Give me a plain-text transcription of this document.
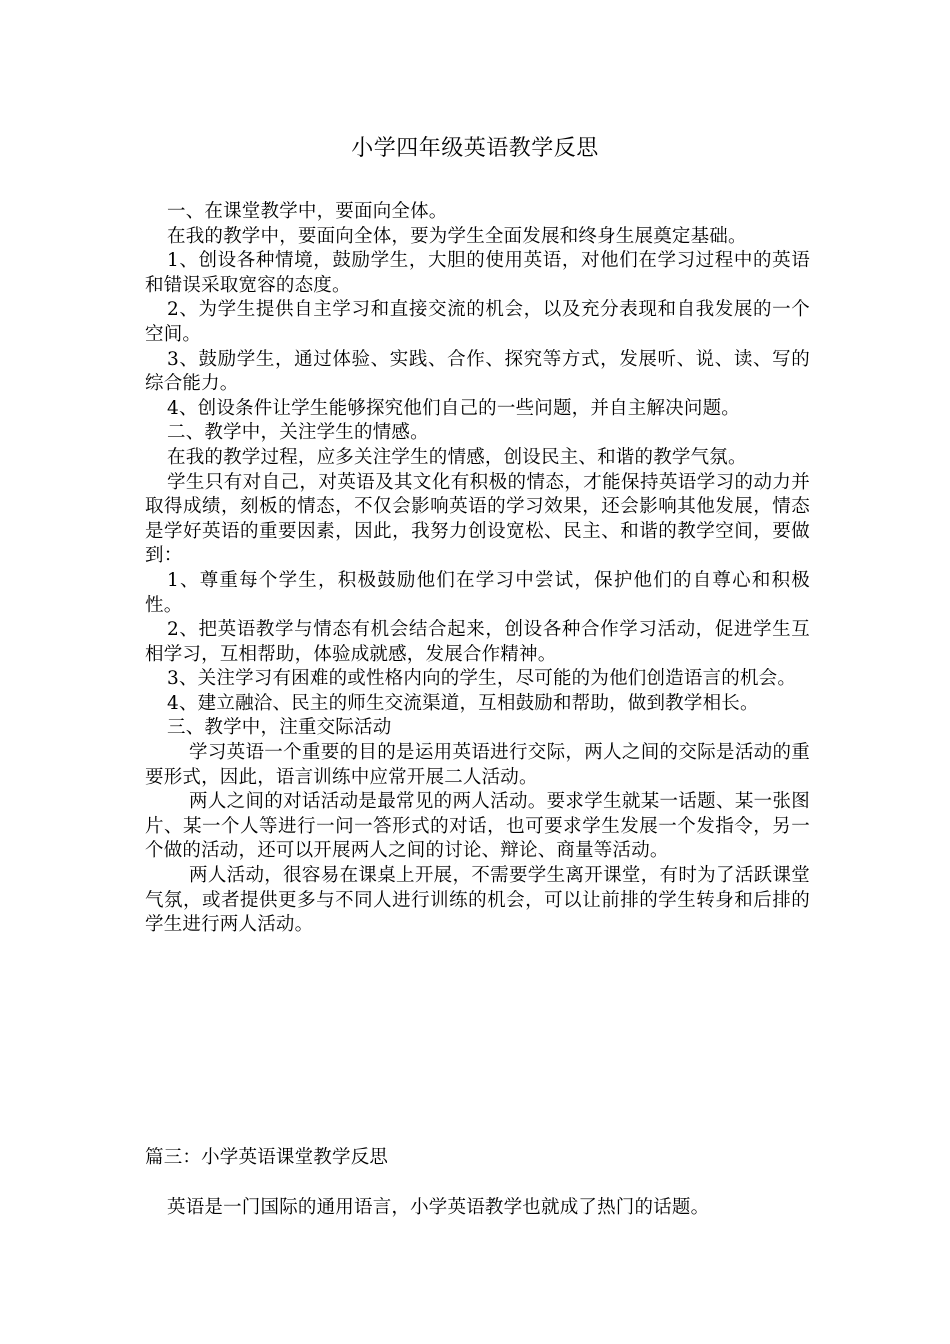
小学四年级英语教学反思

一、在课堂教学中，要面向全体。

在我的教学中，要面向全体，要为学生全面发展和终身生展奠定基础。

1、创设各种情境，鼓励学生，大胆的使用英语，对他们在学习过程中的英语和错误采取宽容的态度。

2、为学生提供自主学习和直接交流的机会，以及充分表现和自我发展的一个空间。

3、鼓励学生，通过体验、实践、合作、探究等方式，发展听、说、读、写的综合能力。

4、创设条件让学生能够探究他们自己的一些问题，并自主解决问题。

二、教学中，关注学生的情感。

在我的教学过程，应多关注学生的情感，创设民主、和谐的教学气氛。

学生只有对自己，对英语及其文化有积极的情态，才能保持英语学习的动力并取得成绩，刻板的情态，不仅会影响英语的学习效果，还会影响其他发展，情态是学好英语的重要因素，因此，我努力创设宽松、民主、和谐的教学空间，要做到：

1、尊重每个学生，积极鼓励他们在学习中尝试，保护他们的自尊心和积极性。

2、把英语教学与情态有机会结合起来，创设各种合作学习活动，促进学生互相学习，互相帮助，体验成就感，发展合作精神。

3、关注学习有困难的或性格内向的学生，尽可能的为他们创造语言的机会。

4、建立融洽、民主的师生交流渠道，互相鼓励和帮助，做到教学相长。

三、教学中，注重交际活动

学习英语一个重要的目的是运用英语进行交际，两人之间的交际是活动的重要形式，因此，语言训练中应常开展二人活动。

两人之间的对话活动是最常见的两人活动。要求学生就某一话题、某一张图片、某一个人等进行一问一答形式的对话，也可要求学生发展一个发指令，另一个做的活动，还可以开展两人之间的讨论、辩论、商量等活动。

两人活动，很容易在课桌上开展，不需要学生离开课堂，有时为了活跃课堂气氛，或者提供更多与不同人进行训练的机会，可以让前排的学生转身和后排的学生进行两人活动。

篇三：小学英语课堂教学反思
英语是一门国际的通用语言，小学英语教学也就成了热门的话题。
